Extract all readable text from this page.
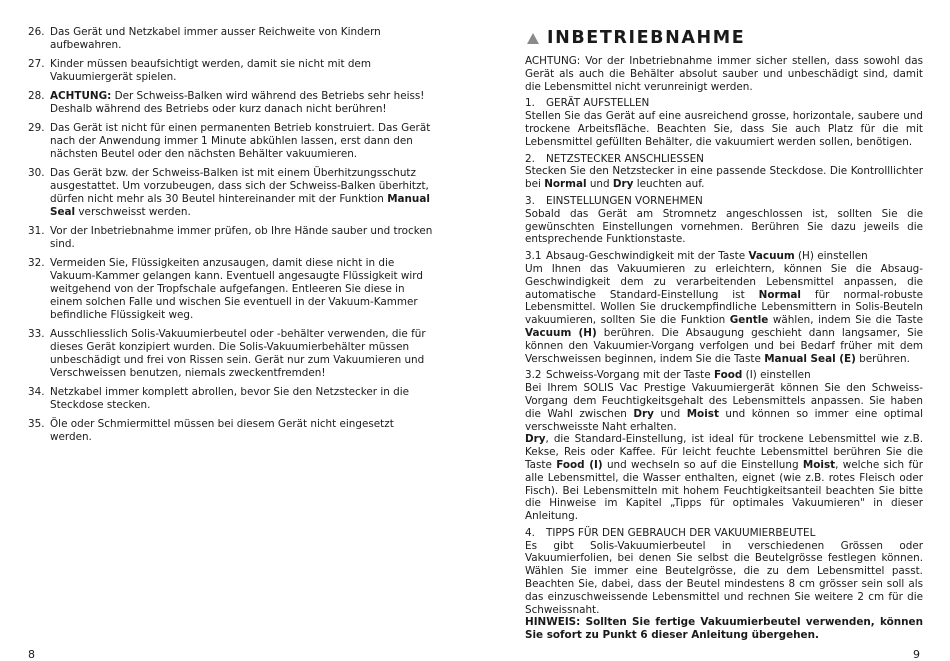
26. Das Gerät und Netzkabel immer ausser Reichweite von Kindern aufbewahren.
27. Kinder müssen beaufsichtigt werden, damit sie nicht mit dem Vakuumiergerät spielen.
28. ACHTUNG: Der Schweiss-Balken wird während des Betriebs sehr heiss! Deshalb während des Betriebs oder kurz danach nicht berühren!
29. Das Gerät ist nicht für einen permanenten Betrieb konstruiert. Das Gerät nach der Anwendung immer 1 Minute abkühlen lassen, erst dann den nächsten Beutel oder den nächsten Behälter vakuumieren.
30. Das Gerät bzw. der Schweiss-Balken ist mit einem Überhitzungsschutz ausgestattet. Um vorzubeugen, dass sich der Schweiss-Balken überhitzt, dürfen nicht mehr als 30 Beutel hintereinander mit der Funktion Manual Seal verschweisst werden.
31. Vor der Inbetriebnahme immer prüfen, ob Ihre Hände sauber und trocken sind.
32. Vermeiden Sie, Flüssigkeiten anzusaugen, damit diese nicht in die Vakuum-Kammer gelangen kann. Eventuell angesaugte Flüssigkeit wird weitgehend von der Tropfschale aufgefangen. Entleeren Sie diese in einem solchen Falle und wischen Sie eventuell in der Vakuum-Kammer befindliche Flüssigkeit weg.
33. Ausschliesslich Solis-Vakuumierbeutel oder -behälter verwenden, die für dieses Gerät konzipiert wurden. Die Solis-Vakuumierbehälter müssen unbeschädigt und frei von Rissen sein. Gerät nur zum Vakuumieren und Verschweissen benutzen, niemals zweckentfremden!
34. Netzkabel immer komplett abrollen, bevor Sie den Netzstecker in die Steckdose stecken.
35. Öle oder Schmiermittel müssen bei diesem Gerät nicht eingesetzt werden.
8
INBETRIEBNAHME

ACHTUNG: Vor der Inbetriebnahme immer sicher stellen, dass sowohl das Gerät als auch die Behälter absolut sauber und unbeschädigt sind, damit die Lebensmittel nicht verunreinigt werden.

1.	GERÄT AUFSTELLEN

Stellen Sie das Gerät auf eine ausreichend grosse, horizontale, saubere und trockene Arbeitsfläche. Beachten Sie, dass Sie auch Platz für die mit Lebensmittel gefüllten Behälter, die vakuumiert werden sollen, benötigen.

2.	NETZSTECKER ANSCHLIESSEN

Stecken Sie den Netzstecker in eine passende Steckdose. Die Kontrolllichter bei Normal und Dry leuchten auf.

3.	EINSTELLUNGEN VORNEHMEN

Sobald das Gerät am Stromnetz angeschlossen ist, sollten Sie die gewünschten Einstellungen vornehmen. Berühren Sie dazu jeweils die entsprechende Funktionstaste.

3.1 Absaug-Geschwindigkeit mit der Taste Vacuum (H) einstellen

Um Ihnen das Vakuumieren zu erleichtern, können Sie die Absaug-Geschwindigkeit dem zu verarbeitenden Lebensmittel anpassen, die automatische Standard-Einstellung ist Normal für normal-robuste Lebensmittel. Wollen Sie druckempfindliche Lebensmittern in Solis-Beuteln vakuumieren, sollten Sie die Funktion Gentle wählen, indem Sie die Taste Vacuum (H) berühren. Die Absaugung geschieht dann langsamer, Sie können den Vakuumier-Vorgang verfolgen und bei Bedarf früher mit dem Verschweissen beginnen, indem Sie die Taste Manual Seal (E) berühren.

3.2 Schweiss-Vorgang mit der Taste Food (I) einstellen

Bei Ihrem SOLIS Vac Prestige Vakuumiergerät können Sie den Schweiss-Vorgang dem Feuchtigkeitsgehalt des Lebensmittels anpassen. Sie haben die Wahl zwischen Dry und Moist und können so immer eine optimal verschweisste Naht erhalten.

Dry, die Standard-Einstellung, ist ideal für trockene Lebensmittel wie z.B. Kekse, Reis oder Kaffee. Für leicht feuchte Lebensmittel berühren Sie die Taste Food (I) und wechseln so auf die Einstellung Moist, welche sich für alle Lebensmittel, die Wasser enthalten, eignet (wie z.B. rotes Fleisch oder Fisch). Bei Lebensmitteln mit hohem Feuchtigkeitsanteil beachten Sie bitte die Hinweise im Kapitel „Tipps für optimales Vakuumieren" in dieser Anleitung.

4.	TIPPS FÜR DEN GEBRAUCH DER VAKUUMIERBEUTEL

Es gibt Solis-Vakuumierbeutel in verschiedenen Grössen oder Vakuumierfolien, bei denen Sie selbst die Beutelgrösse festlegen können. Wählen Sie immer eine Beutelgrösse, die zu dem Lebensmittel passt. Beachten Sie, dabei, dass der Beutel mindestens 8 cm grösser sein soll als das einzuschweissende Lebensmittel und rechnen Sie weitere 2 cm für die Schweissnaht.

HINWEIS: Sollten Sie fertige Vakuumierbeutel verwenden, können Sie sofort zu Punkt 6 dieser Anleitung übergehen.

9
